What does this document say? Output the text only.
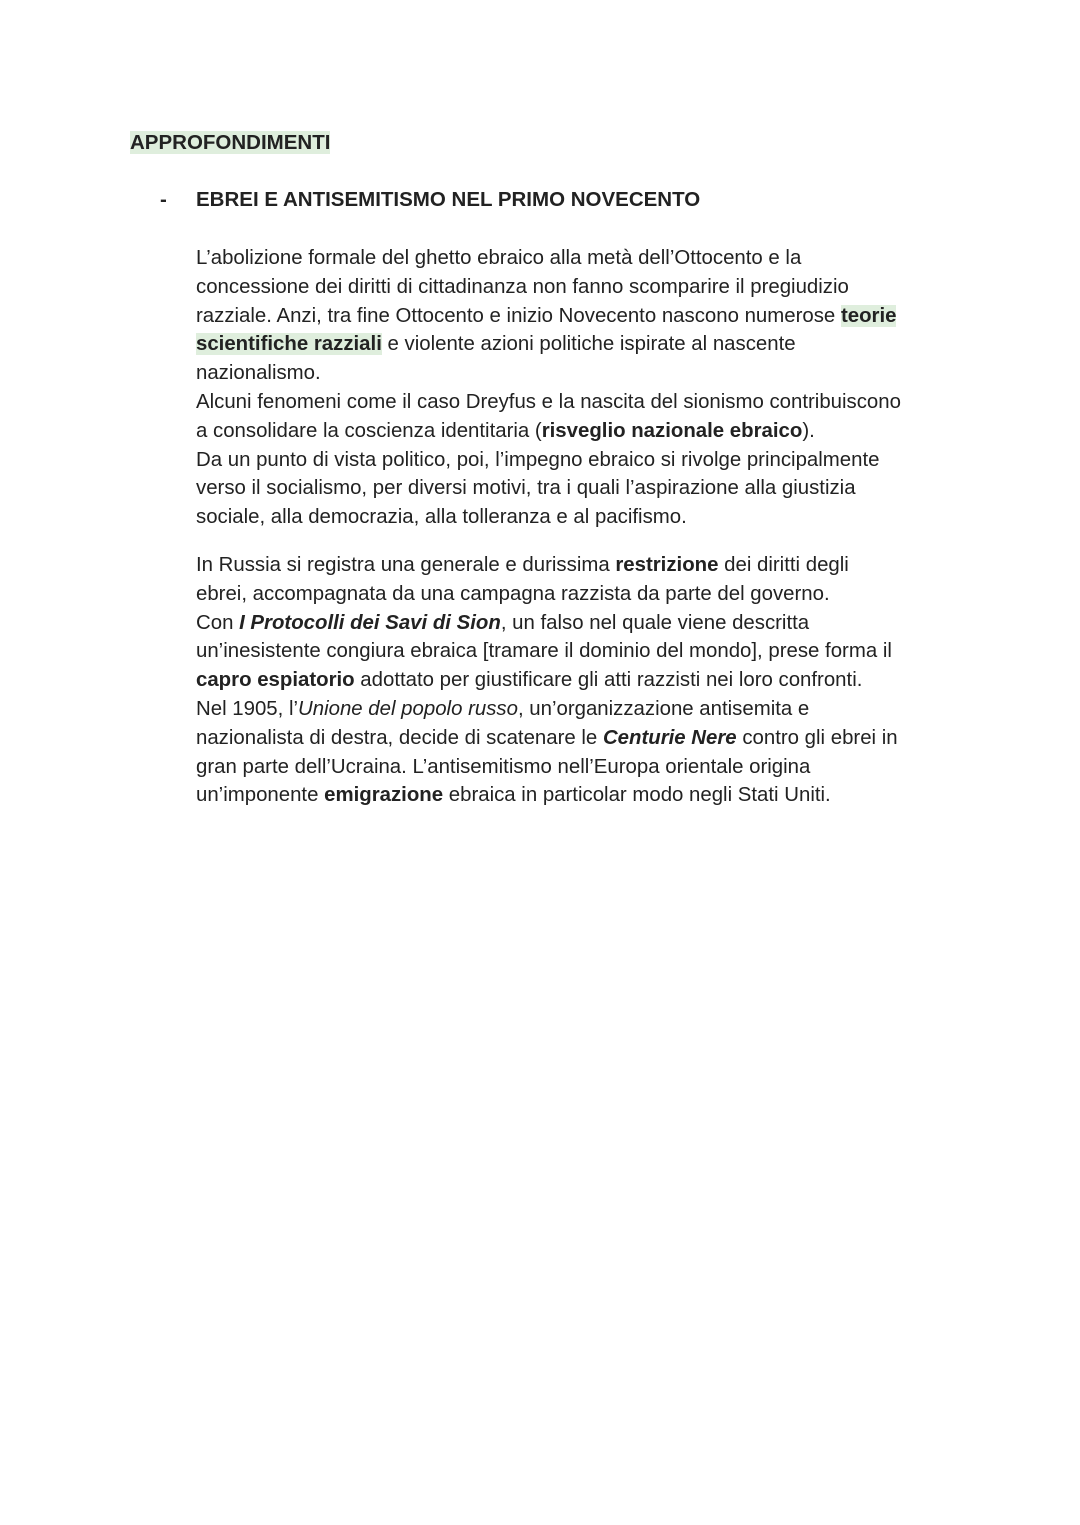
APPROFONDIMENTI
- EBREI E ANTISEMITISMO NEL PRIMO NOVECENTO
L’abolizione formale del ghetto ebraico alla metà dell’Ottocento e la
concessione dei diritti di cittadinanza non fanno scomparire il pregiudizio
razziale. Anzi, tra fine Ottocento e inizio Novecento nascono numerose teorie
scientifiche razziali e violente azioni politiche ispirate al nascente
nazionalismo.
Alcuni fenomeni come il caso Dreyfus e la nascita del sionismo contribuiscono
a consolidare la coscienza identitaria (risveglio nazionale ebraico).
Da un punto di vista politico, poi, l’impegno ebraico si rivolge principalmente
verso il socialismo, per diversi motivi, tra i quali l’aspirazione alla giustizia
sociale, alla democrazia, alla tolleranza e al pacifismo.
In Russia si registra una generale e durissima restrizione dei diritti degli
ebrei, accompagnata da una campagna razzista da parte del governo.
Con I Protocolli dei Savi di Sion, un falso nel quale viene descritta
un’inesistente congiura ebraica [tramare il dominio del mondo], prese forma il
capro espiatorio adottato per giustificare gli atti razzisti nei loro confronti.
Nel 1905, l’Unione del popolo russo, un’organizzazione antisemita e
nazionalista di destra, decide di scatenare le Centurie Nere contro gli ebrei in
gran parte dell’Ucraina. L’antisemitismo nell’Europa orientale origina
un’imponente emigrazione ebraica in particolar modo negli Stati Uniti.
